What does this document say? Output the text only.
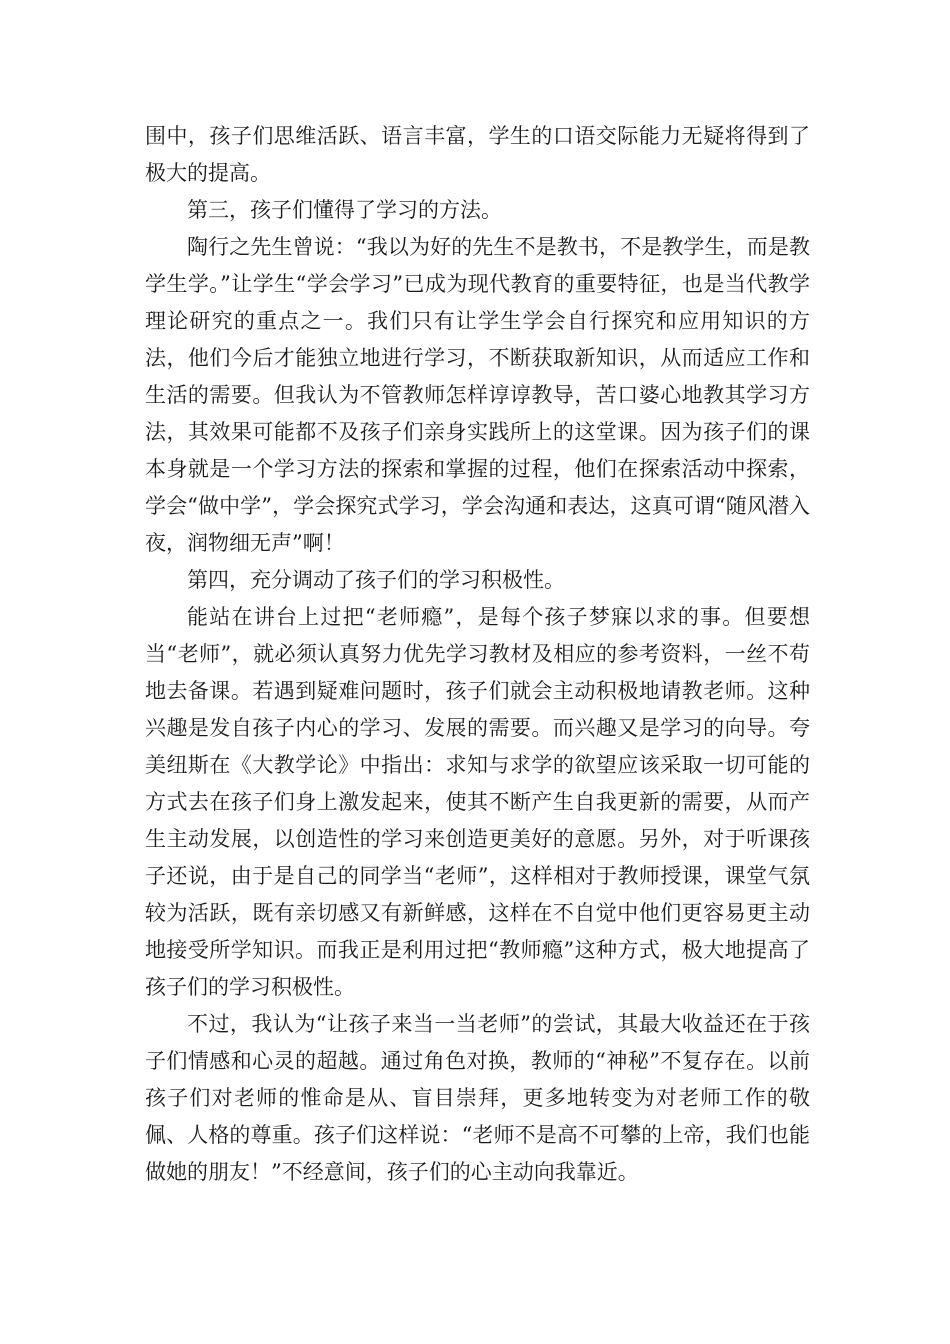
围中，孩子们思维活跃、语言丰富，学生的口语交际能力无疑将得到了极大的提高。

第三，孩子们懂得了学习的方法。

陶行之先生曾说：“我以为好的先生不是教书，不是教学生，而是教学生学。”让学生“学会学习”已成为现代教育的重要特征，也是当代教学理论研究的重点之一。我们只有让学生学会自行探究和应用知识的方法，他们今后才能独立地进行学习，不断获取新知识，从而适应工作和生活的需要。但我认为不管教师怎样谆谆教导，苦口婆心地教其学习方法，其效果可能都不及孩子们亲身实践所上的这堂课。因为孩子们的课本身就是一个学习方法的探索和掌握的过程，他们在探索活动中探索，学会“做中学”，学会探究式学习，学会沟通和表达，这真可谓“随风潜入夜，润物细无声”啊！

第四，充分调动了孩子们的学习积极性。

能站在讲台上过把“老师瘾”，是每个孩子梦寐以求的事。但要想当“老师”，就必须认真努力优先学习教材及相应的参考资料，一丝不苟地去备课。若遇到疑难问题时，孩子们就会主动积极地请教老师。这种兴趣是发自孩子内心的学习、发展的需要。而兴趣又是学习的向导。夸美纽斯在《大教学论》中指出：求知与求学的欲望应该采取一切可能的方式去在孩子们身上激发起来，使其不断产生自我更新的需要，从而产生主动发展，以创造性的学习来创造更美好的意愿。另外，对于听课孩子还说，由于是自己的同学当“老师”，这样相对于教师授课，课堂气氛较为活跃，既有亲切感又有新鲜感，这样在不自觉中他们更容易更主动地接受所学知识。而我正是利用过把“教师瘾”这种方式，极大地提高了孩子们的学习积极性。

不过，我认为“让孩子来当一当老师”的尝试，其最大收益还在于孩子们情感和心灵的超越。通过角色对换，教师的“神秘”不复存在。以前孩子们对老师的惟命是从、盲目崇拜，更多地转变为对老师工作的敬佩、人格的尊重。孩子们这样说：“老师不是高不可攀的上帝，我们也能做她的朋友！”不经意间，孩子们的心主动向我靠近。
